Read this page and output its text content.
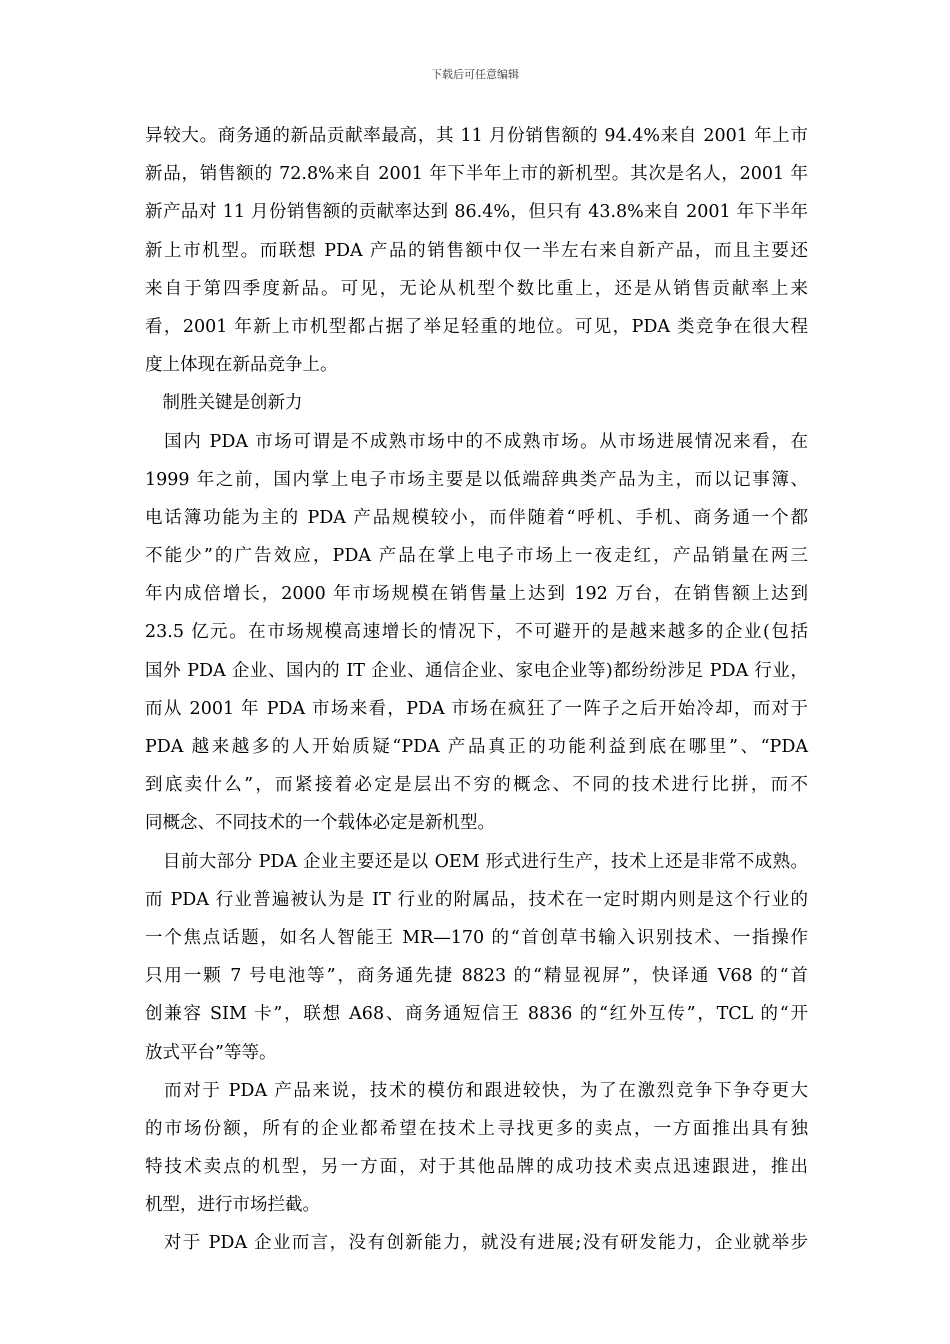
下载后可任意编辑
异较大。商务通的新品贡献率最高，其 11 月份销售额的 94.4%来自 2001 年上市
新品，销售额的 72.8%来自 2001 年下半年上市的新机型。其次是名人，2001 年
新产品对 11 月份销售额的贡献率达到 86.4%，但只有 43.8%来自 2001 年下半年
新上市机型。而联想 PDA 产品的销售额中仅一半左右来自新产品，而且主要还
来自于第四季度新品。可见，无论从机型个数比重上，还是从销售贡献率上来
看，2001 年新上市机型都占据了举足轻重的地位。可见，PDA 类竞争在很大程
度上体现在新品竞争上。
　制胜关键是创新力
　国内 PDA 市场可谓是不成熟市场中的不成熟市场。从市场进展情况来看，在
1999 年之前，国内掌上电子市场主要是以低端辞典类产品为主，而以记事簿、
电话簿功能为主的 PDA 产品规模较小，而伴随着“呼机、手机、商务通一个都
不能少”的广告效应，PDA 产品在掌上电子市场上一夜走红，产品销量在两三
年内成倍增长，2000 年市场规模在销售量上达到 192 万台，在销售额上达到
23.5 亿元。在市场规模高速增长的情况下，不可避开的是越来越多的企业(包括
国外 PDA 企业、国内的 IT 企业、通信企业、家电企业等)都纷纷涉足 PDA 行业，
而从 2001 年 PDA 市场来看，PDA 市场在疯狂了一阵子之后开始冷却，而对于
PDA 越来越多的人开始质疑“PDA 产品真正的功能利益到底在哪里”、“PDA
到底卖什么”，而紧接着必定是层出不穷的概念、不同的技术进行比拼，而不
同概念、不同技术的一个载体必定是新机型。
　目前大部分 PDA 企业主要还是以 OEM 形式进行生产，技术上还是非常不成熟。
而 PDA 行业普遍被认为是 IT 行业的附属品，技术在一定时期内则是这个行业的
一个焦点话题，如名人智能王 MR—170 的“首创草书输入识别技术、一指操作
只用一颗 7 号电池等”，商务通先捷 8823 的“精显视屏”，快译通 V68 的“首
创兼容 SIM 卡”，联想 A68、商务通短信王 8836 的“红外互传”，TCL 的“开
放式平台”等等。
　而对于 PDA 产品来说，技术的模仿和跟进较快，为了在激烈竞争下争夺更大
的市场份额，所有的企业都希望在技术上寻找更多的卖点，一方面推出具有独
特技术卖点的机型，另一方面，对于其他品牌的成功技术卖点迅速跟进，推出
机型，进行市场拦截。
　对于 PDA 企业而言，没有创新能力，就没有进展;没有研发能力，企业就举步
